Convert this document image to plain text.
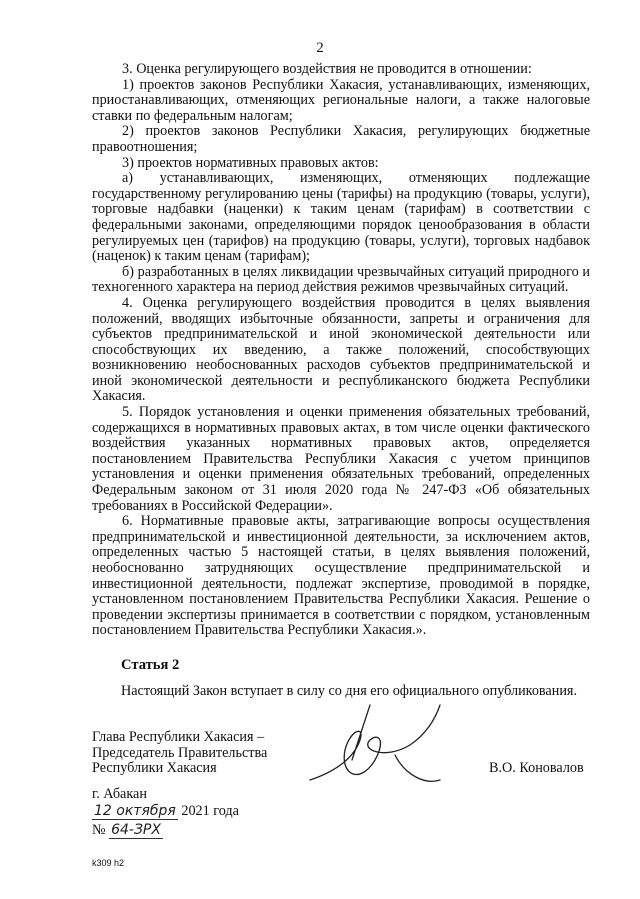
2

3. Оценка регулирующего воздействия не проводится в отношении:

1) проектов законов Республики Хакасия, устанавливающих, изменяющих, приостанавливающих, отменяющих региональные налоги, а также налоговые ставки по федеральным налогам;

2) проектов законов Республики Хакасия, регулирующих бюджетные правоотношения;

3) проектов нормативных правовых актов:

а) устанавливающих, изменяющих, отменяющих подлежащие государственному регулированию цены (тарифы) на продукцию (товары, услуги), торговые надбавки (наценки) к таким ценам (тарифам) в соответствии с федеральными законами, определяющими порядок ценообразования в области регулируемых цен (тарифов) на продукцию (товары, услуги), торговых надбавок (наценок) к таким ценам (тарифам);

б) разработанных в целях ликвидации чрезвычайных ситуаций природного и техногенного характера на период действия режимов чрезвычайных ситуаций.

4. Оценка регулирующего воздействия проводится в целях выявления положений, вводящих избыточные обязанности, запреты и ограничения для субъектов предпринимательской и иной экономической деятельности или способствующих их введению, а также положений, способствующих возникновению необоснованных расходов субъектов предпринимательской и иной экономической деятельности и республиканского бюджета Республики Хакасия.

5. Порядок установления и оценки применения обязательных требований, содержащихся в нормативных правовых актах, в том числе оценки фактического воздействия указанных нормативных правовых актов, определяется постановлением Правительства Республики Хакасия с учетом принципов установления и оценки применения обязательных требований, определенных Федеральным законом от 31 июля 2020 года № 247-ФЗ «Об обязательных требованиях в Российской Федерации».

6. Нормативные правовые акты, затрагивающие вопросы осуществления предпринимательской и инвестиционной деятельности, за исключением актов, определенных частью 5 настоящей статьи, в целях выявления положений, необоснованно затрудняющих осуществление предпринимательской и инвестиционной деятельности, подлежат экспертизе, проводимой в порядке, установленном постановлением Правительства Республики Хакасия. Решение о проведении экспертизы принимается в соответствии с порядком, установленным постановлением Правительства Республики Хакасия.».

Статья 2
Настоящий Закон вступает в силу со дня его официального опубликования.
Глава Республики Хакасия –
Председатель Правительства
Республики Хакасия	В.О. Коновалов
г. Абакан
12 октября 2021 года
№ 64-ЗРХ
k309 h2
